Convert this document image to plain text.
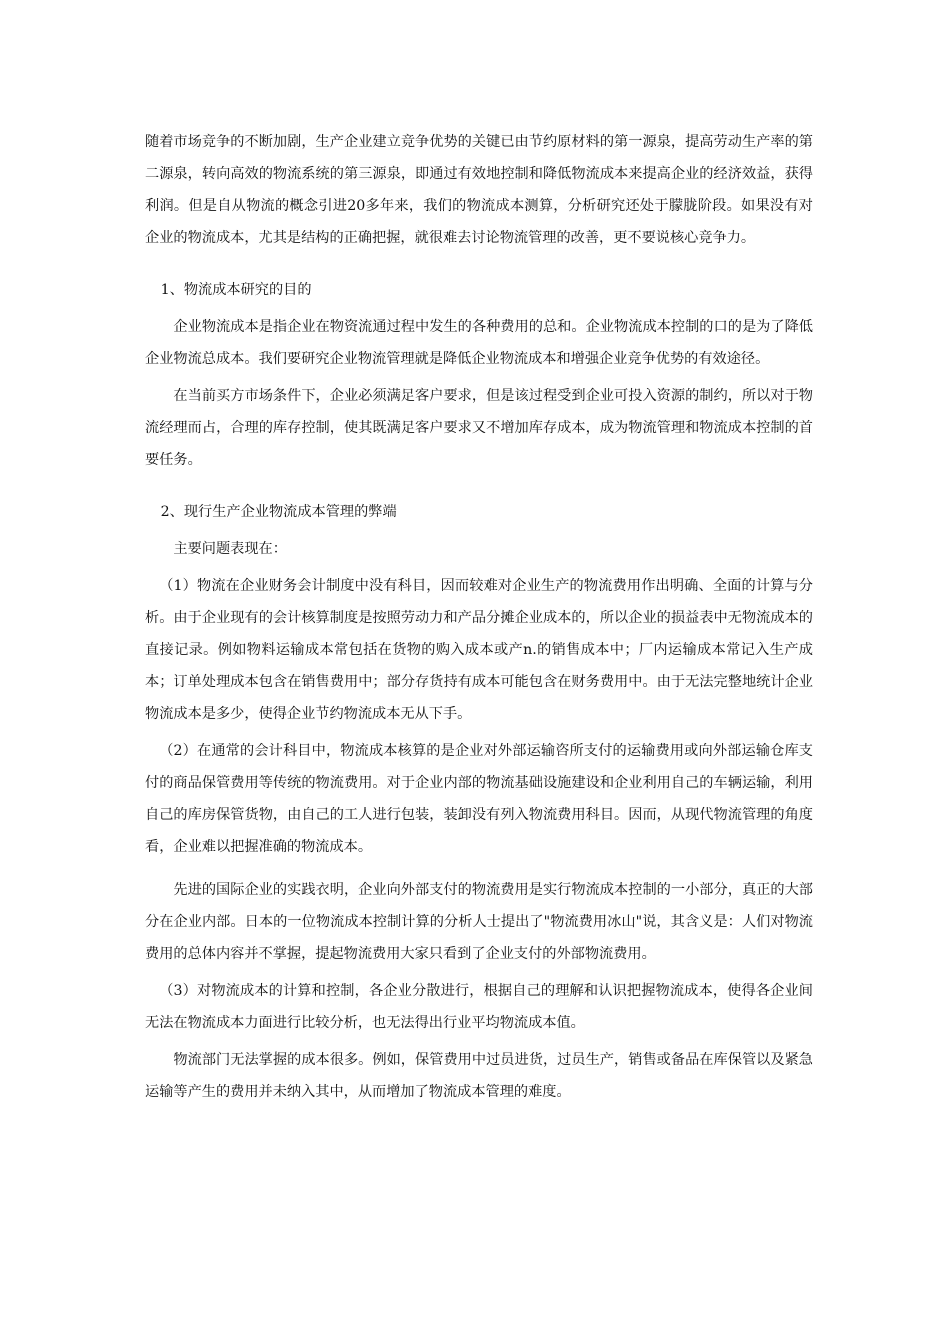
随着市场竞争的不断加剧，生产企业建立竞争优势的关键已由节约原材料的第一源泉，提高劳动生产率的第二源泉，转向高效的物流系统的第三源泉，即通过有效地控制和降低物流成本来提高企业的经济效益，获得利润。但是自从物流的概念引进20多年来，我们的物流成本测算，分析研究还处于朦胧阶段。如果没有对企业的物流成本，尤其是结构的正确把握，就很难去讨论物流管理的改善，更不要说核心竞争力。

1、物流成本研究的目的

企业物流成本是指企业在物资流通过程中发生的各种费用的总和。企业物流成本控制的口的是为了降低企业物流总成本。我们要研究企业物流管理就是降低企业物流成本和增强企业竞争优势的有效途径。

在当前买方市场条件下，企业必须满足客户要求，但是该过程受到企业可投入资源的制约，所以对于物流经理而占，合理的库存控制，使其既满足客户要求又不增加库存成本，成为物流管理和物流成本控制的首要任务。

2、现行生产企业物流成本管理的弊端

主要问题表现在：

（1）物流在企业财务会计制度中没有科目，因而较难对企业生产的物流费用作出明确、全面的计算与分析。由于企业现有的会计核算制度是按照劳动力和产品分摊企业成本的，所以企业的损益表中无物流成本的直接记录。例如物料运输成本常包括在货物的购入成本或产n.的销售成本中；厂内运输成本常记入生产成本；订单处理成本包含在销售费用中；部分存货持有成本可能包含在财务费用中。由于无法完整地统计企业物流成本是多少，使得企业节约物流成本无从下手。

（2）在通常的会计科目中，物流成本核算的是企业对外部运输咨所支付的运输费用或向外部运输仓库支付的商品保管费用等传统的物流费用。对于企业内部的物流基础设施建设和企业利用自己的车辆运输，利用自己的库房保管货物，由自己的工人进行包装，装卸没有列入物流费用科目。因而，从现代物流管理的角度看，企业难以把握准确的物流成本。

先进的国际企业的实践衣明，企业向外部支付的物流费用是实行物流成本控制的一小部分，真正的大部分在企业内部。日本的一位物流成本控制计算的分析人士提出了"物流费用冰山"说，其含义是：人们对物流费用的总体内容并不掌握，提起物流费用大家只看到了企业支付的外部物流费用。

（3）对物流成本的计算和控制，各企业分散进行，根据自己的理解和认识把握物流成本，使得各企业间无法在物流成本力面进行比较分析，也无法得出行业平均物流成本值。

物流部门无法掌握的成本很多。例如，保管费用中过员进货，过员生产，销售或备品在库保管以及紧急运输等产生的费用并未纳入其中，从而增加了物流成本管理的难度。
